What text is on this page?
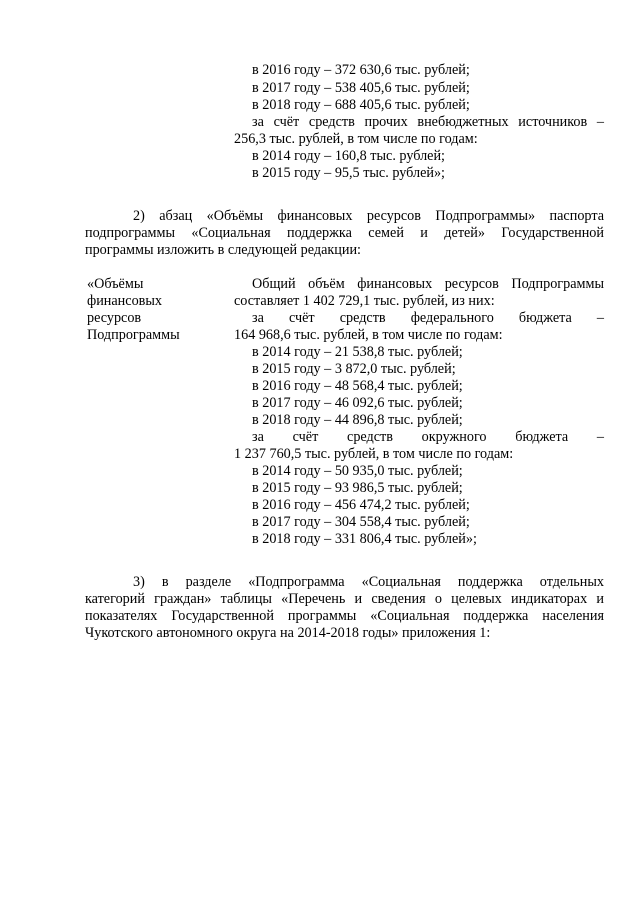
в 2016 году – 372 630,6 тыс. рублей;
в 2017 году – 538 405,6 тыс. рублей;
в 2018 году – 688 405,6 тыс. рублей;
за счёт средств прочих внебюджетных источников –
256,3 тыс. рублей, в том числе по годам:
в 2014 году – 160,8 тыс. рублей;
в 2015 году – 95,5 тыс. рублей»;
2) абзац «Объёмы финансовых ресурсов Подпрограммы» паспорта
подпрограммы «Социальная поддержка семей и детей» Государственной
программы изложить в следующей редакции:
«Объёмы
финансовых
ресурсов
Подпрограммы
Общий объём финансовых ресурсов Подпрограммы
составляет 1 402 729,1 тыс. рублей, из них:
за счёт средств федерального бюджета –
164 968,6 тыс. рублей, в том числе по годам:
в 2014 году – 21 538,8 тыс. рублей;
в 2015 году – 3 872,0 тыс. рублей;
в 2016 году – 48 568,4 тыс. рублей;
в 2017 году – 46 092,6 тыс. рублей;
в 2018 году – 44 896,8 тыс. рублей;
за счёт средств окружного бюджета –
1 237 760,5 тыс. рублей, в том числе по годам:
в 2014 году – 50 935,0 тыс. рублей;
в 2015 году – 93 986,5 тыс. рублей;
в 2016 году – 456 474,2 тыс. рублей;
в 2017 году – 304 558,4 тыс. рублей;
в 2018 году – 331 806,4 тыс. рублей»;
3) в разделе «Подпрограмма «Социальная поддержка отдельных
категорий граждан» таблицы «Перечень и сведения о целевых индикаторах и
показателях Государственной программы «Социальная поддержка населения
Чукотского автономного округа на 2014-2018 годы» приложения 1:
